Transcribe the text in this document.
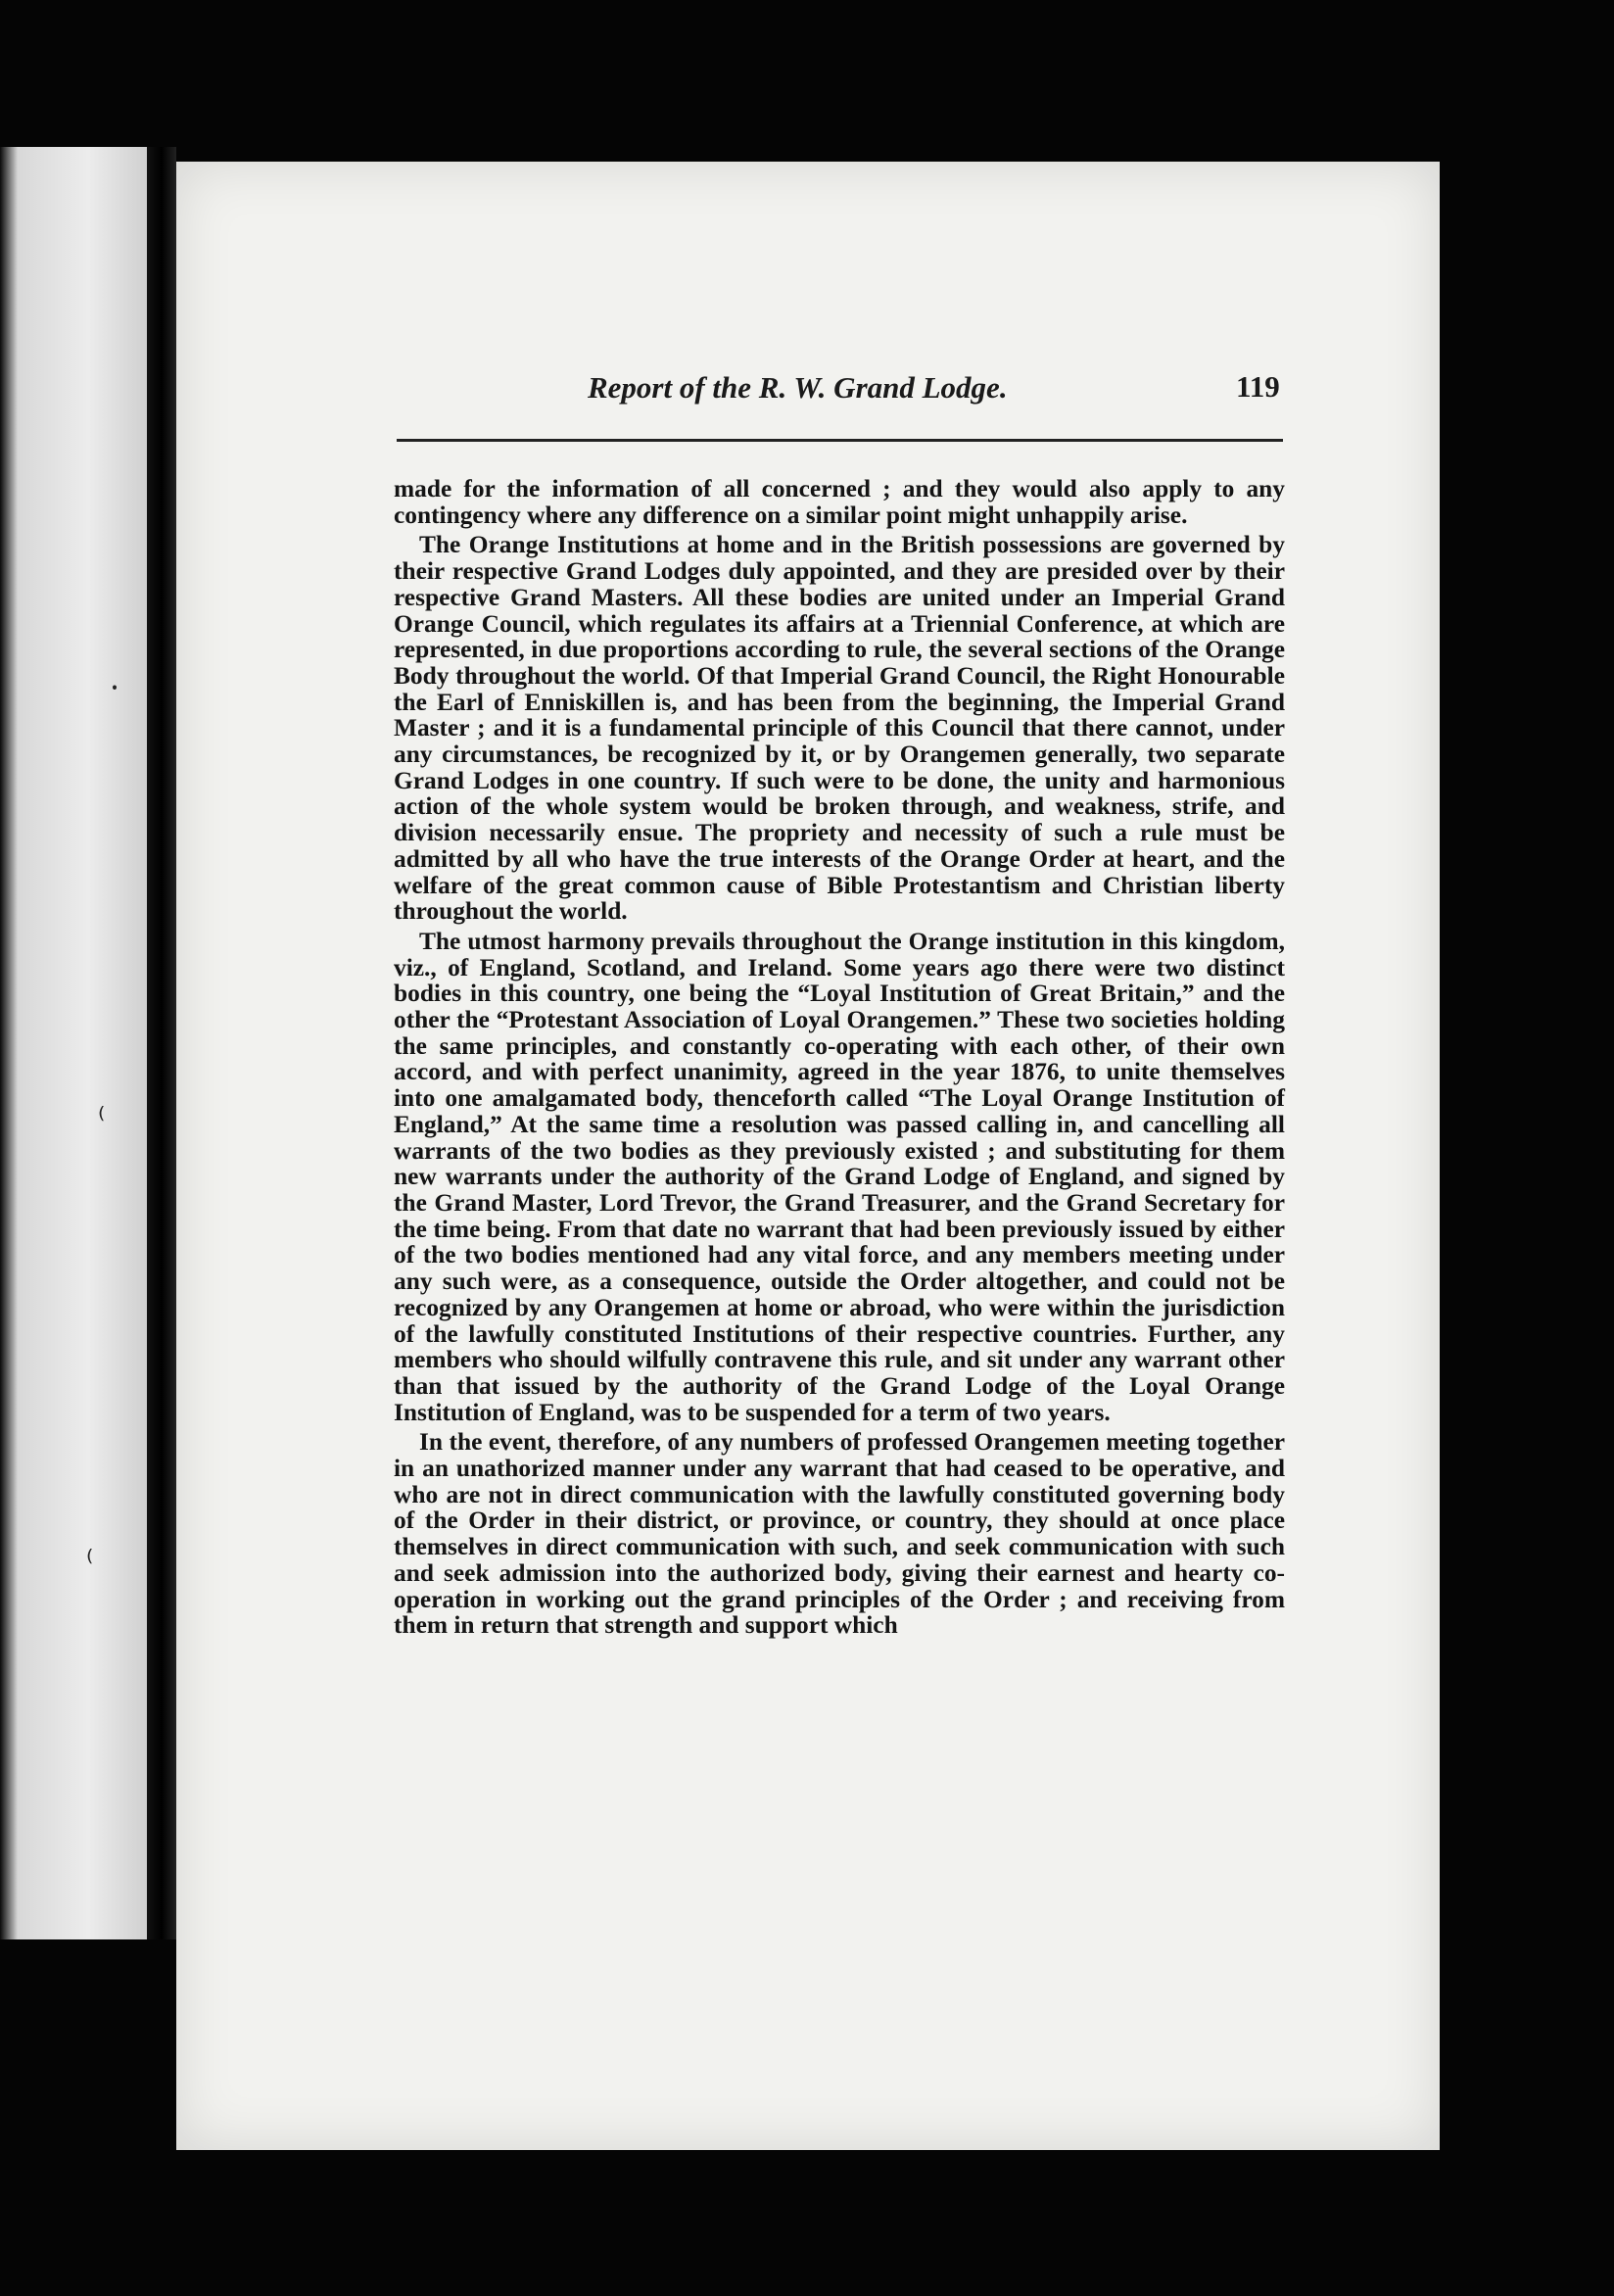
᛫
⁽
⁽
Report of the R. W. Grand Lodge.	119

made for the information of all concerned ; and they would also apply to any contingency where any difference on a similar point might unhappily arise.

The Orange Institutions at home and in the British possessions are governed by their respective Grand Lodges duly appointed, and they are presided over by their respective Grand Masters. All these bodies are united under an Imperial Grand Orange Council, which regulates its affairs at a Triennial Conference, at which are represented, in due proportions according to rule, the several sections of the Orange Body throughout the world. Of that Imperial Grand Council, the Right Honourable the Earl of Enniskillen is, and has been from the beginning, the Imperial Grand Master ; and it is a fundamental principle of this Council that there cannot, under any circumstances, be recognized by it, or by Orangemen generally, two separate Grand Lodges in one country. If such were to be done, the unity and harmonious action of the whole system would be broken through, and weakness, strife, and division necessarily ensue. The propriety and necessity of such a rule must be admitted by all who have the true interests of the Orange Order at heart, and the welfare of the great common cause of Bible Protestantism and Christian liberty throughout the world.

The utmost harmony prevails throughout the Orange institution in this kingdom, viz., of England, Scotland, and Ireland. Some years ago there were two distinct bodies in this country, one being the “Loyal Institution of Great Britain,” and the other the “Protestant Association of Loyal Orangemen.” These two societies holding the same principles, and constantly co-operating with each other, of their own accord, and with perfect unanimity, agreed in the year 1876, to unite themselves into one amalgamated body, thenceforth called “The Loyal Orange Institution of England,” At the same time a resolution was passed calling in, and cancelling all warrants of the two bodies as they previously existed ; and substituting for them new warrants under the authority of the Grand Lodge of England, and signed by the Grand Master, Lord Trevor, the Grand Treasurer, and the Grand Secretary for the time being. From that date no warrant that had been previously issued by either of the two bodies mentioned had any vital force, and any members meeting under any such were, as a consequence, outside the Order altogether, and could not be recognized by any Orangemen at home or abroad, who were within the jurisdiction of the lawfully constituted Institutions of their respective countries. Further, any members who should wilfully contravene this rule, and sit under any warrant other than that issued by the authority of the Grand Lodge of the Loyal Orange Institution of England, was to be suspended for a term of two years.

In the event, therefore, of any numbers of professed Orangemen meeting together in an unathorized manner under any warrant that had ceased to be operative, and who are not in direct communication with the lawfully constituted governing body of the Order in their district, or province, or country, they should at once place themselves in direct communication with such, and seek communication with such and seek admission into the authorized body, giving their earnest and hearty co-operation in working out the grand principles of the Order ; and receiving from them in return that strength and support which
